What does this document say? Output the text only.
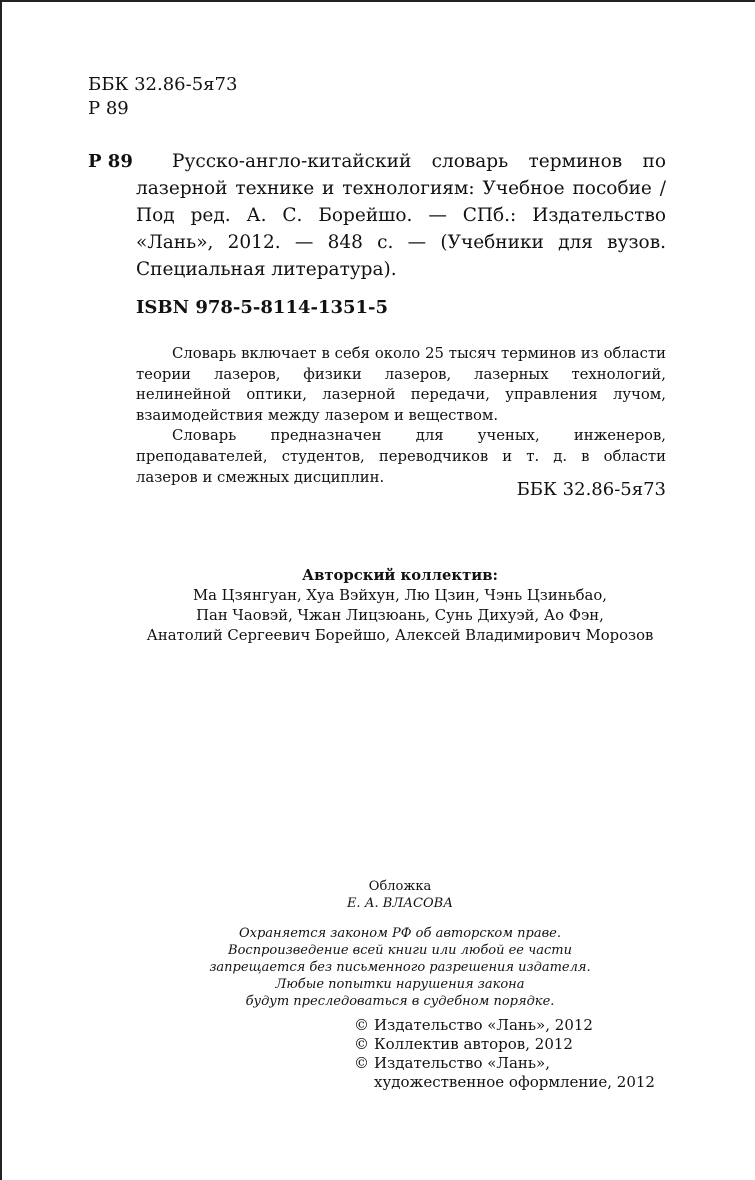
ББК 32.86-5я73
Р 89
Р 89	Русско-англо-китайский словарь терминов по лазерной технике и технологиям: Учебное пособие / Под ред. А. С. Борейшо. — СПб.: Издательство «Лань», 2012. — 848 с. — (Учебники для вузов. Специальная литература).
ISBN 978-5-8114-1351-5

Словарь включает в себя около 25 тысяч терминов из области теории лазеров, физики лазеров, лазерных технологий, нелинейной оптики, лазерной передачи, управления лучом, взаимодействия между лазером и веществом.

Словарь предназначен для ученых, инженеров, преподавателей, студентов, переводчиков и т. д. в области лазеров и смежных дисциплин.

ББК 32.86-5я73
Авторский коллектив:
Ма Цзянгуан, Хуа Вэйхун, Лю Цзин, Чэнь Цзиньбао,
Пан Чаовэй, Чжан Лицзюань, Сунь Дихуэй, Ао Фэн,
Анатолий Сергеевич Борейшо, Алексей Владимирович Морозов
Обложка
Е. А. ВЛАСОВА
Охраняется законом РФ об авторском праве.
Воспроизведение всей книги или любой ее части
запрещается без письменного разрешения издателя.
Любые попытки нарушения закона
будут преследоваться в судебном порядке.
© Издательство «Лань», 2012
© Коллектив авторов, 2012
© Издательство «Лань»,
художественное оформление, 2012
